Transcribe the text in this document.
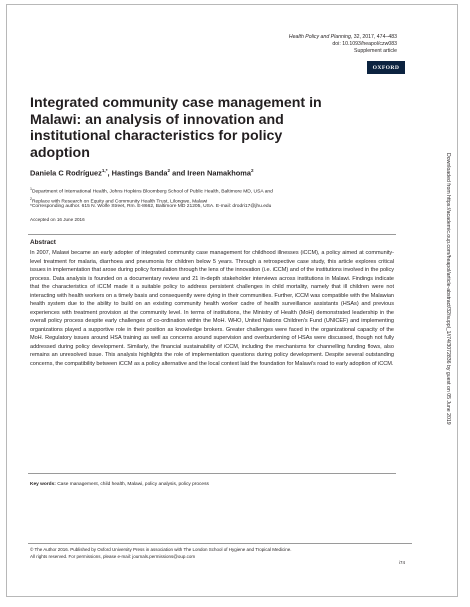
Health Policy and Planning, 32, 2017, 474–483
doi: 10.1093/heapol/czw083
Supplement article
OXFORD
Integrated community case management in Malawi: an analysis of innovation and institutional characteristics for policy adoption
Daniela C Rodríguez$^{1,*}$, Hastings Banda$^2$ and Ireen Namakhoma$^2$
$^1$Department of International Health, Johns Hopkins Bloomberg School of Public Health, Baltimore MD, USA and
$^2$Replace with Research on Equity and Community Health Trust, Lilongwe, Malawi
*Corresponding author. 615 N. Wolfe Street, Rm. E-8662, Baltimore MD 21205, USA. E-mail: drodri17@jhu.edu
Accepted on 16 June 2016
Abstract

In 2007, Malawi became an early adopter of integrated community case management for childhood illnesses (iCCM), a policy aimed at community-level treatment for malaria, diarrhoea and pneumonia for children below 5 years. Through a retrospective case study, this article explores critical issues in implementation that arose during policy formulation through the lens of the innovation (i.e. iCCM) and of the institutions involved in the policy process. Data analysis is founded on a documentary review and 21 in-depth stakeholder interviews across institutions in Malawi. Findings indicate that the characteristics of iCCM made it a suitable policy to address persistent challenges in child mortality, namely that ill children were not interacting with health workers on a timely basis and consequently were dying in their communities. Further, iCCM was compatible with the Malawian health system due to the ability to build on an existing community health worker cadre of health surveillance assistants (HSAs) and previous experiences with treatment provision at the community level. In terms of institutions, the Ministry of Health (MoH) demonstrated leadership in the overall policy process despite early challenges of co-ordination within the MoH. WHO, United Nations Children's Fund (UNICEF) and implementing organizations played a supportive role in their position as knowledge brokers. Greater challenges were faced in the organizational capacity of the MoH. Regulatory issues around HSA training as well as concerns around supervision and overburdening of HSAs were discussed, though not fully addressed during policy development. Similarly, the financial sustainability of iCCM, including the mechanisms for channelling funding flows, also remains an unresolved issue. This analysis highlights the role of implementation questions during policy development. Despite several outstanding concerns, the compatibility between iCCM as a policy alternative and the local context laid the foundation for Malawi's road to early adoption of iCCM.

Key words: Case management, child health, Malawi, policy analysis, policy process
© The Author 2016. Published by Oxford University Press in association with The London School of Hygiene and Tropical Medicine.
All rights reserved. For permissions, please e-mail: journals.permissions@oup.com
i74
Downloaded from https://academic.oup.com/heapol/article-abstract/32/suppl_1/i74/3072836 by guest on 05 June 2019
